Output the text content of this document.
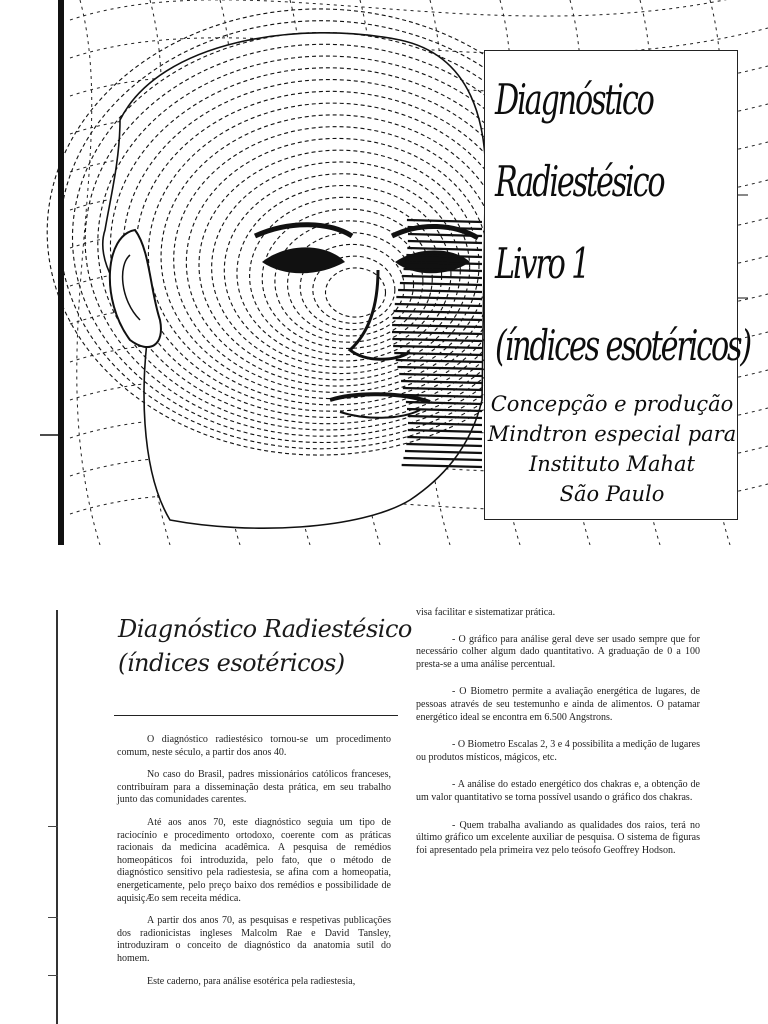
Diagnóstico
Radiestésico
Livro 1
(índices esotéricos)
Concepção e produção
Mindtron especial para
Instituto Mahat
São Paulo
Diagnóstico Radiestésico
(índices esotéricos)

O diagnóstico radiestésico tornou-se um procedimento comum, neste século, a partir dos anos 40.

No caso do Brasil, padres missionários católicos franceses, contribuíram para a disseminação desta prática, em seu trabalho junto das comunidades carentes.

Até aos anos 70, este diagnóstico seguia um tipo de raciocínio e procedimento ortodoxo, coerente com as práticas racionais da medicina acadêmica. A pesquisa de remédios homeopáticos foi introduzida, pelo fato, que o método de diagnóstico sensitivo pela radiestesia, se afina com a homeopatia, energeticamente, pelo preço baixo dos remédios e possibilidade de aquisiçÆo sem receita médica.

A partir dos anos 70, as pesquisas e respetivas publicações dos radionicistas ingleses Malcolm Rae e David Tansley, introduziram o conceito de diagnóstico da anatomia sutil do homem.

Este caderno, para análise esotérica pela radiestesia,

visa facilitar e sistematizar prática.

- O gráfico para análise geral deve ser usado sempre que for necessário colher algum dado quantitativo. A graduação de 0 a 100 presta-se a uma análise percentual.

- O Biometro permite a avaliação energética de lugares, de pessoas através de seu testemunho e ainda de alimentos. O patamar energético ideal se encontra em 6.500 Angstrons.

- O Biometro Escalas 2, 3 e 4 possibilita a medição de lugares ou produtos místicos, mágicos, etc.

- A análise do estado energético dos chakras e, a obtenção de um valor quantitativo se torna possível usando o gráfico dos chakras.

- Quem trabalha avaliando as qualidades dos raios, terá no último gráfico um excelente auxiliar de pesquisa. O sistema de figuras foi apresentado pela primeira vez pelo teósofo Geoffrey Hodson.
